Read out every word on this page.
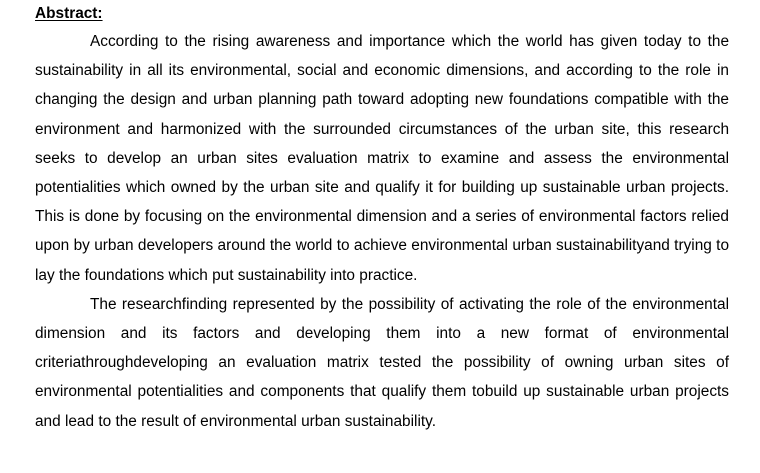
Abstract:

According to the rising awareness and importance which the world has given today to the sustainability in all its environmental, social and economic dimensions, and according to the role in changing the design and urban planning path toward adopting new foundations compatible with the environment and harmonized with the surrounded circumstances of the urban site, this research seeks to develop an urban sites evaluation matrix to examine and assess the environmental potentialities which owned by the urban site and qualify it for building up sustainable urban projects. This is done by focusing on the environmental dimension and a series of environmental factors relied upon by urban developers around the world to achieve environmental urban sustainabilityand trying to lay the foundations which put sustainability into practice.

The researchfinding represented by the possibility of activating the role of the environmental dimension and its factors and developing them into a new format of environmental criteriathroughdeveloping an evaluation matrix tested the possibility of owning urban sites of environmental potentialities and components that qualify them tobuild up sustainable urban projects and lead to the result of environmental urban sustainability.
